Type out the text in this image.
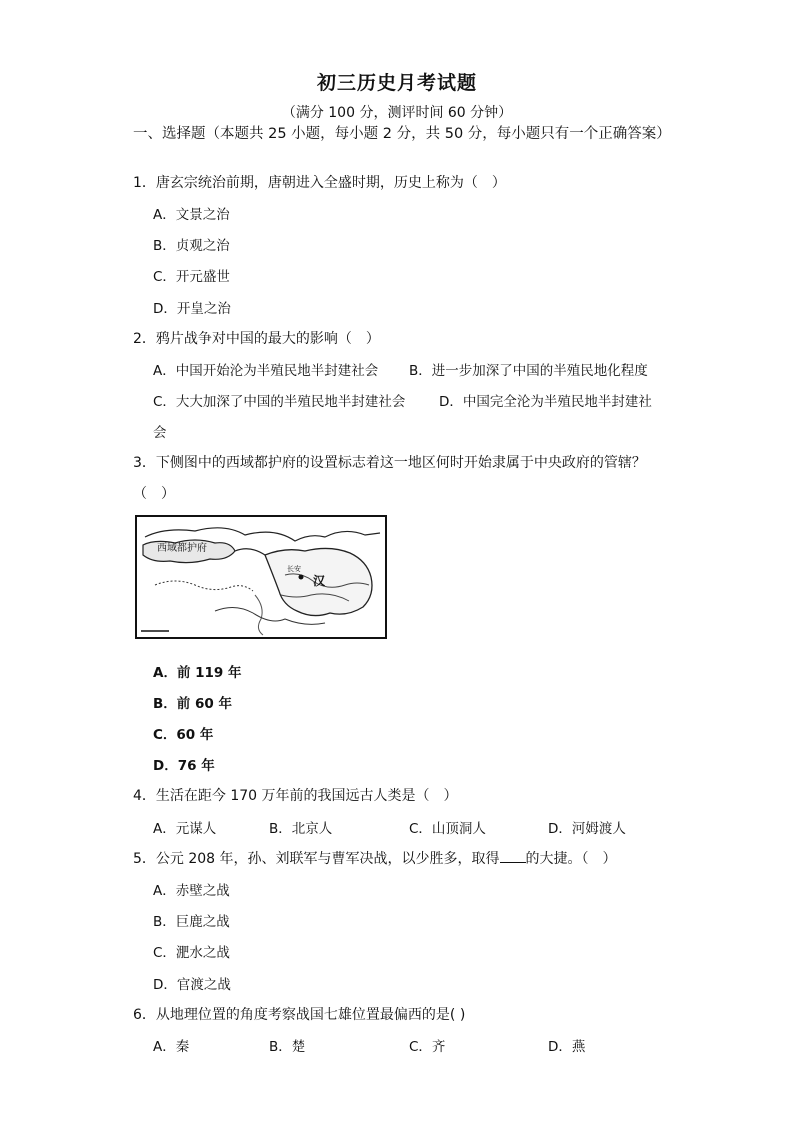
初三历史月考试题
（满分 100 分，测评时间 60 分钟）
一、选择题（本题共 25 小题，每小题 2 分，共 50 分，每小题只有一个正确答案）
1．唐玄宗统治前期，唐朝进入全盛时期，历史上称为（　）
A．文景之治
B．贞观之治
C．开元盛世
D．开皇之治
2．鸦片战争对中国的最大的影响（　）
A．中国开始沦为半殖民地半封建社会 B．进一步加深了中国的半殖民地化程度
C．大大加深了中国的半殖民地半封建社会 D．中国完全沦为半殖民地半封建社
会
3．下侧图中的西域都护府的设置标志着这一地区何时开始隶属于中央政府的管辖？
（　）
西域都护府
汉
长安
A．前 119 年
B．前 60 年
C．60 年
D．76 年
4．生活在距今 170 万年前的我国远古人类是（　）
A．元谋人	B．北京人	C．山顶洞人	D．河姆渡人
5．公元 208 年，孙、刘联军与曹军决战，以少胜多，取得 的大捷。（　）
A．赤壁之战
B．巨鹿之战
C．淝水之战
D．官渡之战
6．从地理位置的角度考察战国七雄位置最偏西的是( )
A．秦	B．楚	C．齐	D．燕
